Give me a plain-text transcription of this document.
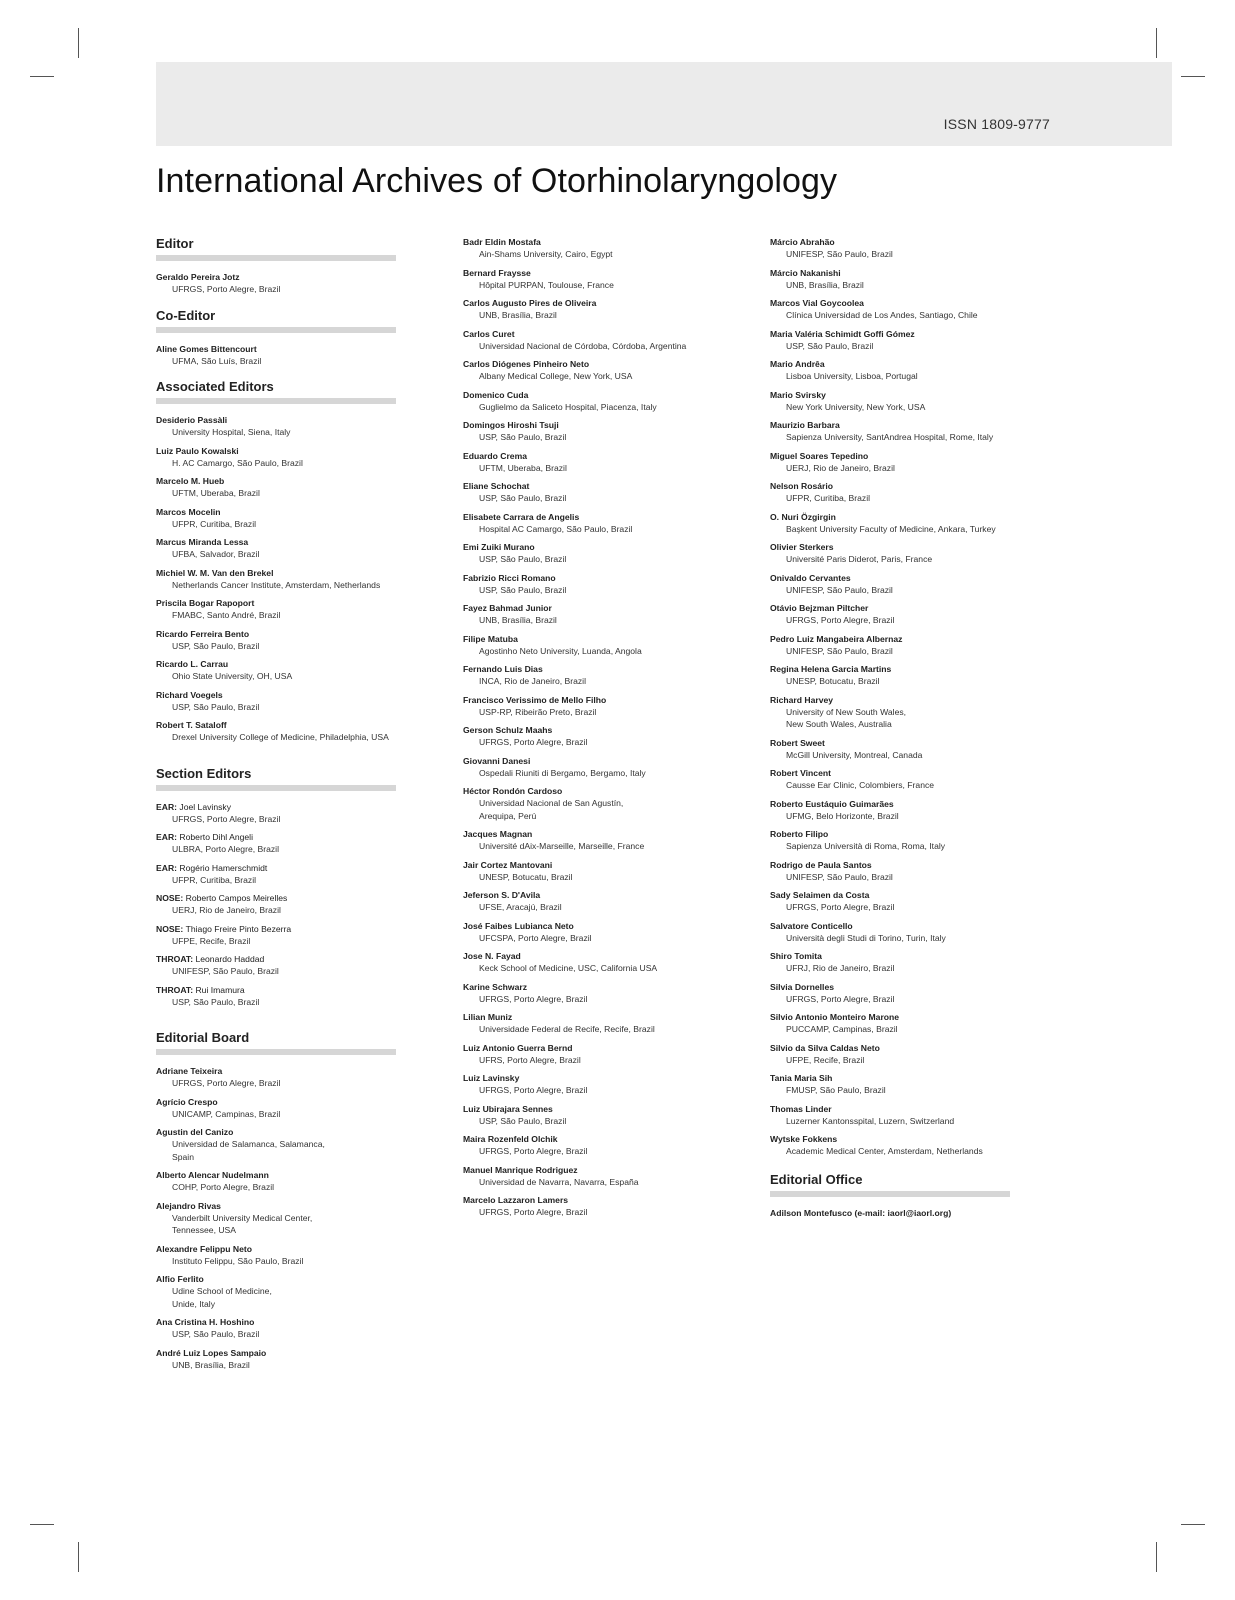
ISSN 1809-9777
International Archives of Otorhinolaryngology
Editor
Geraldo Pereira Jotz
UFRGS, Porto Alegre, Brazil
Co-Editor
Aline Gomes Bittencourt
UFMA, São Luís, Brazil
Associated Editors
Desiderio Passàli
University Hospital, Siena, Italy
Luiz Paulo Kowalski
H. AC Camargo, São Paulo, Brazil
Marcelo M. Hueb
UFTM, Uberaba, Brazil
Marcos Mocelin
UFPR, Curitiba, Brazil
Marcus Miranda Lessa
UFBA, Salvador, Brazil
Michiel W. M. Van den Brekel
Netherlands Cancer Institute, Amsterdam, Netherlands
Priscila Bogar Rapoport
FMABC, Santo André, Brazil
Ricardo Ferreira Bento
USP, São Paulo, Brazil
Ricardo L. Carrau
Ohio State University, OH, USA
Richard Voegels
USP, São Paulo, Brazil
Robert T. Sataloff
Drexel University College of Medicine, Philadelphia, USA
Section Editors
EAR: Joel Lavinsky
UFRGS, Porto Alegre, Brazil
EAR: Roberto Dihl Angeli
ULBRA, Porto Alegre, Brazil
EAR: Rogério Hamerschmidt
UFPR, Curitiba, Brazil
NOSE: Roberto Campos Meirelles
UERJ, Rio de Janeiro, Brazil
NOSE: Thiago Freire Pinto Bezerra
UFPE, Recife, Brazil
THROAT: Leonardo Haddad
UNIFESP, São Paulo, Brazil
THROAT: Rui Imamura
USP, São Paulo, Brazil
Editorial Board
Adriane Teixeira
UFRGS, Porto Alegre, Brazil
Agrício Crespo
UNICAMP, Campinas, Brazil
Agustin del Canizo
Universidad de Salamanca, Salamanca,
Spain
Alberto Alencar Nudelmann
COHP, Porto Alegre, Brazil
Alejandro Rivas
Vanderbilt University Medical Center,
Tennessee, USA
Alexandre Felippu Neto
Instituto Felippu, São Paulo, Brazil
Alfio Ferlito
Udine School of Medicine,
Unide, Italy
Ana Cristina H. Hoshino
USP, São Paulo, Brazil
André Luiz Lopes Sampaio
UNB, Brasília, Brazil
Badr Eldin Mostafa
Ain-Shams University, Cairo, Egypt
Bernard Fraysse
Hôpital PURPAN, Toulouse, France
Carlos Augusto Pires de Oliveira
UNB, Brasília, Brazil
Carlos Curet
Universidad Nacional de Córdoba, Córdoba, Argentina
Carlos Diógenes Pinheiro Neto
Albany Medical College, New York, USA
Domenico Cuda
Guglielmo da Saliceto Hospital, Piacenza, Italy
Domingos Hiroshi Tsuji
USP, São Paulo, Brazil
Eduardo Crema
UFTM, Uberaba, Brazil
Eliane Schochat
USP, São Paulo, Brazil
Elisabete Carrara de Angelis
Hospital AC Camargo, São Paulo, Brazil
Emi Zuiki Murano
USP, São Paulo, Brazil
Fabrizio Ricci Romano
USP, São Paulo, Brazil
Fayez Bahmad Junior
UNB, Brasília, Brazil
Filipe Matuba
Agostinho Neto University, Luanda, Angola
Fernando Luis Dias
INCA, Rio de Janeiro, Brazil
Francisco Verissimo de Mello Filho
USP-RP, Ribeirão Preto, Brazil
Gerson Schulz Maahs
UFRGS, Porto Alegre, Brazil
Giovanni Danesi
Ospedali Riuniti di Bergamo, Bergamo, Italy
Héctor Rondón Cardoso
Universidad Nacional de San Agustín,
Arequipa, Perú
Jacques Magnan
Université dAix-Marseille, Marseille, France
Jair Cortez Mantovani
UNESP, Botucatu, Brazil
Jeferson S. D'Avila
UFSE, Aracajú, Brazil
José Faibes Lubianca Neto
UFCSPA, Porto Alegre, Brazil
Jose N. Fayad
Keck School of Medicine, USC, California USA
Karine Schwarz
UFRGS, Porto Alegre, Brazil
Lilian Muniz
Universidade Federal de Recife, Recife, Brazil
Luiz Antonio Guerra Bernd
UFRS, Porto Alegre, Brazil
Luiz Lavinsky
UFRGS, Porto Alegre, Brazil
Luiz Ubirajara Sennes
USP, São Paulo, Brazil
Maira Rozenfeld Olchik
UFRGS, Porto Alegre, Brazil
Manuel Manrique Rodriguez
Universidad de Navarra, Navarra, España
Marcelo Lazzaron Lamers
UFRGS, Porto Alegre, Brazil
Márcio Abrahão
UNIFESP, São Paulo, Brazil
Márcio Nakanishi
UNB, Brasília, Brazil
Marcos Vial Goycoolea
Clínica Universidad de Los Andes, Santiago, Chile
Maria Valéria Schimidt Goffi Gómez
USP, São Paulo, Brazil
Mario Andrêa
Lisboa University, Lisboa, Portugal
Mario Svirsky
New York University, New York, USA
Maurizio Barbara
Sapienza University, SantAndrea Hospital, Rome, Italy
Miguel Soares Tepedino
UERJ, Rio de Janeiro, Brazil
Nelson Rosário
UFPR, Curitiba, Brazil
O. Nuri Özgirgin
Başkent University Faculty of Medicine, Ankara, Turkey
Olivier Sterkers
Université Paris Diderot, Paris, France
Onivaldo Cervantes
UNIFESP, São Paulo, Brazil
Otávio Bejzman Piltcher
UFRGS, Porto Alegre, Brazil
Pedro Luiz Mangabeira Albernaz
UNIFESP, São Paulo, Brazil
Regina Helena Garcia Martins
UNESP, Botucatu, Brazil
Richard Harvey
University of New South Wales,
New South Wales, Australia
Robert Sweet
McGill University, Montreal, Canada
Robert Vincent
Causse Ear Clinic, Colombiers, France
Roberto Eustáquio Guimarães
UFMG, Belo Horizonte, Brazil
Roberto Filipo
Sapienza Università di Roma, Roma, Italy
Rodrigo de Paula Santos
UNIFESP, São Paulo, Brazil
Sady Selaimen da Costa
UFRGS, Porto Alegre, Brazil
Salvatore Conticello
Università degli Studi di Torino, Turin, Italy
Shiro Tomita
UFRJ, Rio de Janeiro, Brazil
Silvia Dornelles
UFRGS, Porto Alegre, Brazil
Silvio Antonio Monteiro Marone
PUCCAMP, Campinas, Brazil
Silvio da Silva Caldas Neto
UFPE, Recife, Brazil
Tania Maria Sih
FMUSP, São Paulo, Brazil
Thomas Linder
Luzerner Kantonsspital, Luzern, Switzerland
Wytske Fokkens
Academic Medical Center, Amsterdam, Netherlands
Editorial Office
Adilson Montefusco (e-mail: iaorl@iaorl.org)
